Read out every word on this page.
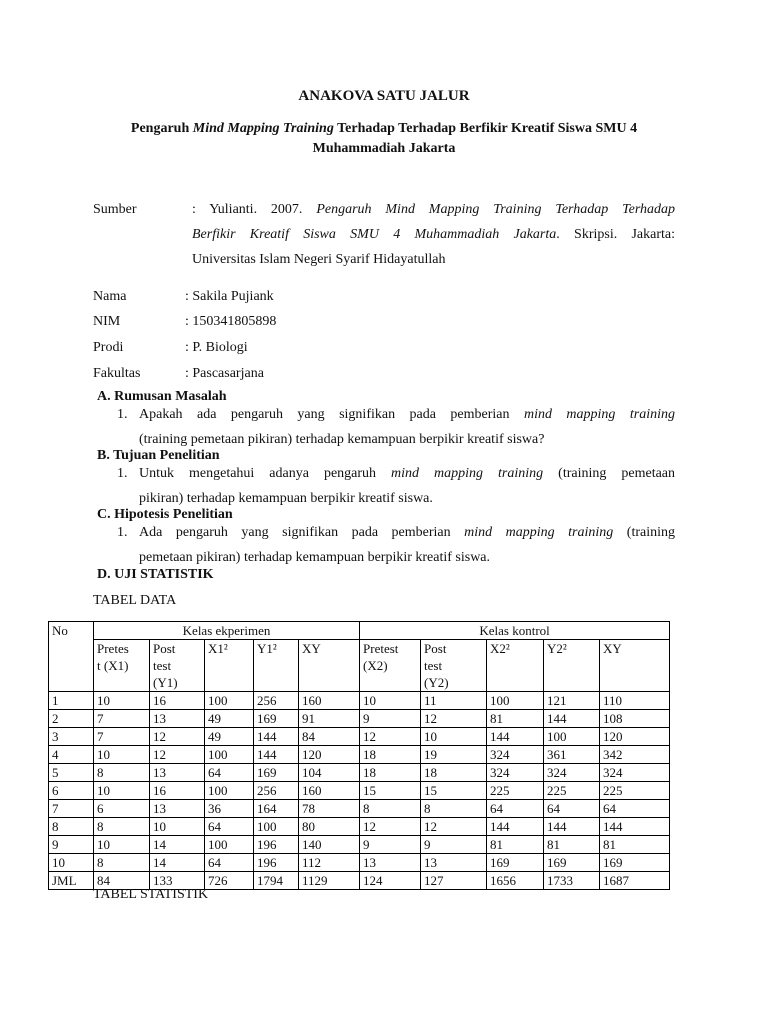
ANAKOVA SATU JALUR
Pengaruh Mind Mapping Training Terhadap Terhadap Berfikir Kreatif Siswa SMU 4
Muhammadiah Jakarta
Sumber	: Yulianti. 2007. Pengaruh Mind Mapping Training Terhadap Terhadap
Berfikir Kreatif Siswa SMU 4 Muhammadiah Jakarta. Skripsi. Jakarta:
Universitas Islam Negeri Syarif Hidayatullah
Nama	: Sakila Pujiank
NIM	: 150341805898
Prodi	: P. Biologi
Fakultas	: Pascasarjana
A. Rumusan Masalah
1. Apakah ada pengaruh yang signifikan pada pemberian mind mapping training
(training pemetaan pikiran) terhadap kemampuan berpikir kreatif siswa?
B. Tujuan Penelitian
1. Untuk mengetahui adanya pengaruh mind mapping training (training pemetaan
pikiran) terhadap kemampuan berpikir kreatif siswa.
C. Hipotesis Penelitian
1. Ada pengaruh yang signifikan pada pemberian mind mapping training (training
pemetaan pikiran) terhadap kemampuan berpikir kreatif siswa.
D. UJI STATISTIK
TABEL DATA
No	Kelas ekperimen					Kelas kontrol				
	Pretes
t (X1)	Post
test
(Y1)	X1²	Y1²	XY	Pretest
(X2)	Post
test
(Y2)	X2²	Y2²	XY
1	10	16	100	256	160	10	11	100	121	110
2	7	13	49	169	91	9	12	81	144	108
3	7	12	49	144	84	12	10	144	100	120
4	10	12	100	144	120	18	19	324	361	342
5	8	13	64	169	104	18	18	324	324	324
6	10	16	100	256	160	15	15	225	225	225
7	6	13	36	164	78	8	8	64	64	64
8	8	10	64	100	80	12	12	144	144	144
9	10	14	100	196	140	9	9	81	81	81
10	8	14	64	196	112	13	13	169	169	169
JML	84	133	726	1794	1129	124	127	1656	1733	1687
TABEL STATISTIK
